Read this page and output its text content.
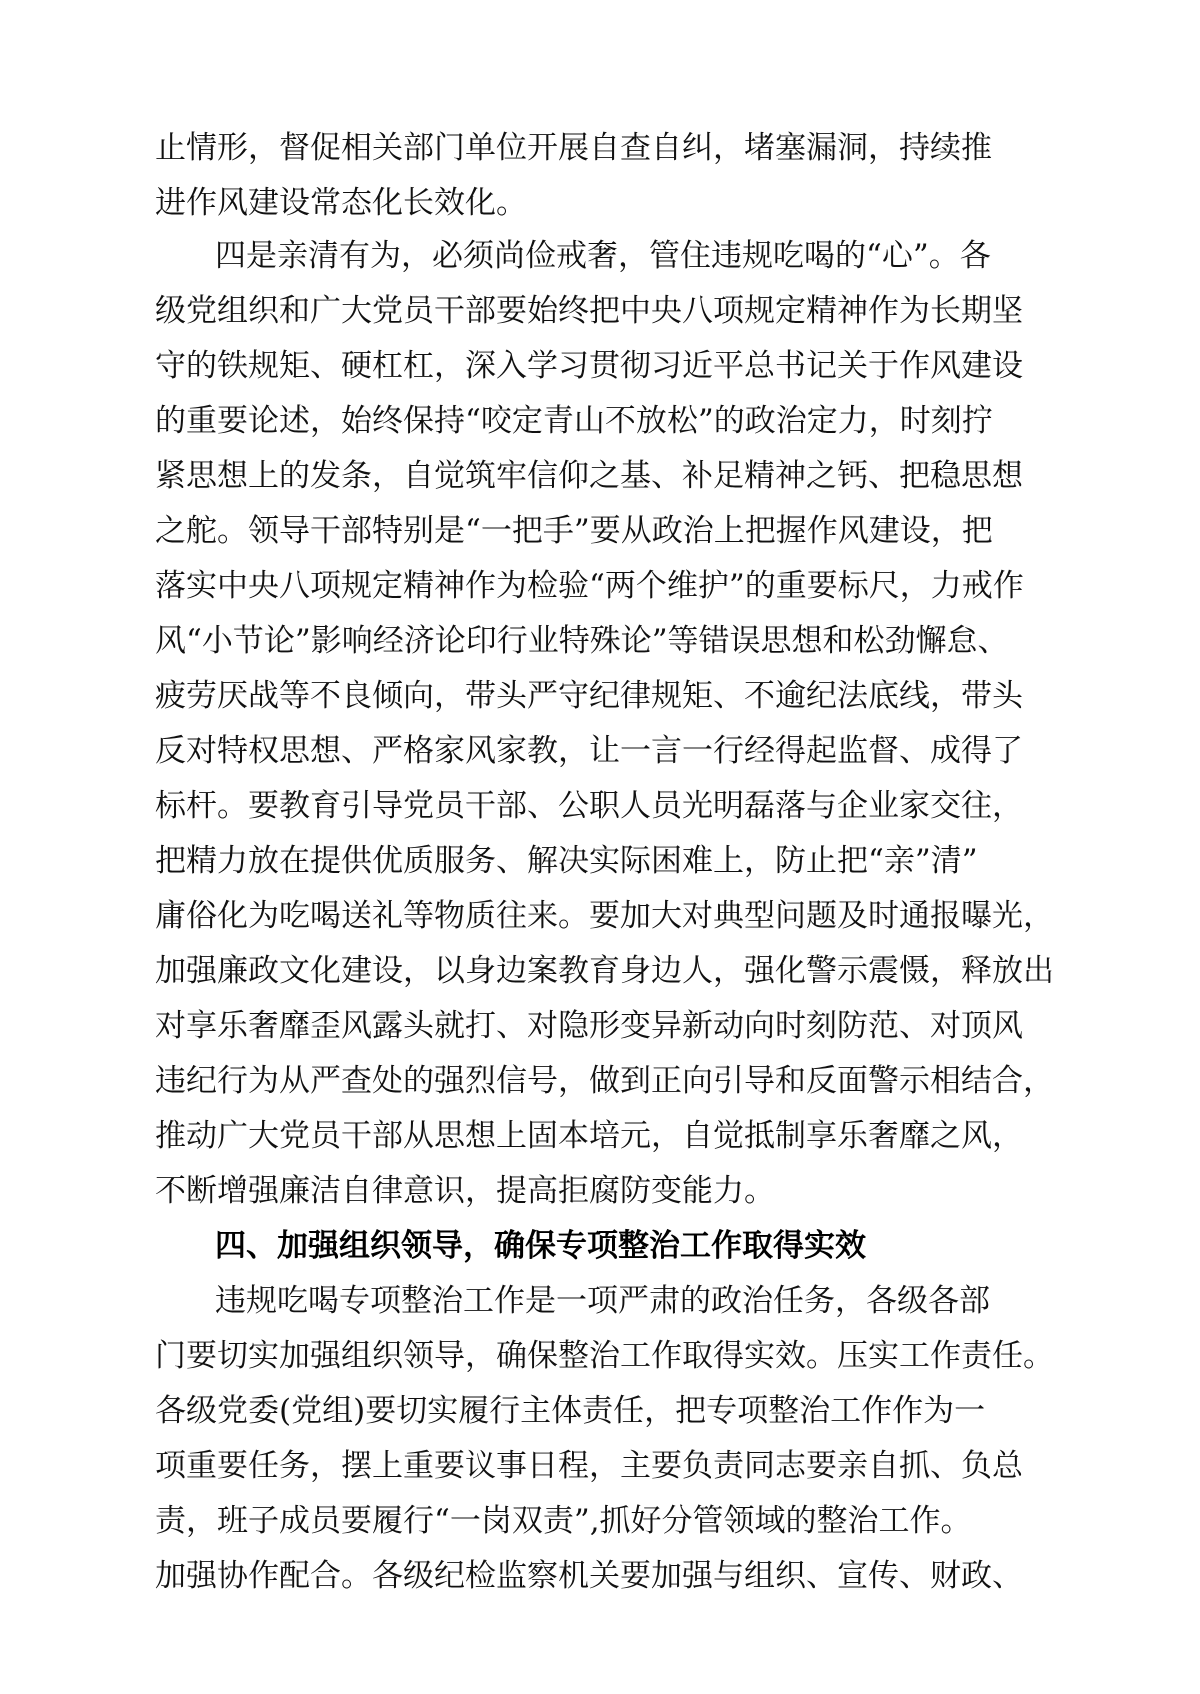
止情形，督促相关部门单位开展自查自纠，堵塞漏洞，持续推
进作风建设常态化长效化。
四是亲清有为，必须尚俭戒奢，管住违规吃喝的“心”。各
级党组织和广大党员干部要始终把中央八项规定精神作为长期坚
守的铁规矩、硬杠杠，深入学习贯彻习近平总书记关于作风建设
的重要论述，始终保持“咬定青山不放松”的政治定力，时刻拧
紧思想上的发条，自觉筑牢信仰之基、补足精神之钙、把稳思想
之舵。领导干部特别是“一把手”要从政治上把握作风建设，把
落实中央八项规定精神作为检验“两个维护”的重要标尺，力戒作
风“小节论”影响经济论印行业特殊论”等错误思想和松劲懈怠、
疲劳厌战等不良倾向，带头严守纪律规矩、不逾纪法底线，带头
反对特权思想、严格家风家教，让一言一行经得起监督、成得了
标杆。要教育引导党员干部、公职人员光明磊落与企业家交往，
把精力放在提供优质服务、解决实际困难上，防止把“亲”清”
庸俗化为吃喝送礼等物质往来。要加大对典型问题及时通报曝光，
加强廉政文化建设，以身边案教育身边人，强化警示震慑，释放出
对享乐奢靡歪风露头就打、对隐形变异新动向时刻防范、对顶风
违纪行为从严查处的强烈信号，做到正向引导和反面警示相结合，
推动广大党员干部从思想上固本培元，自觉抵制享乐奢靡之风，
不断增强廉洁自律意识，提高拒腐防变能力。
四、加强组织领导，确保专项整治工作取得实效
违规吃喝专项整治工作是一项严肃的政治任务，各级各部
门要切实加强组织领导，确保整治工作取得实效。压实工作责任。
各级党委(党组)要切实履行主体责任，把专项整治工作作为一
项重要任务，摆上重要议事日程，主要负责同志要亲自抓、负总
责，班子成员要履行“一岗双责”,抓好分管领域的整治工作。
加强协作配合。各级纪检监察机关要加强与组织、宣传、财政、
